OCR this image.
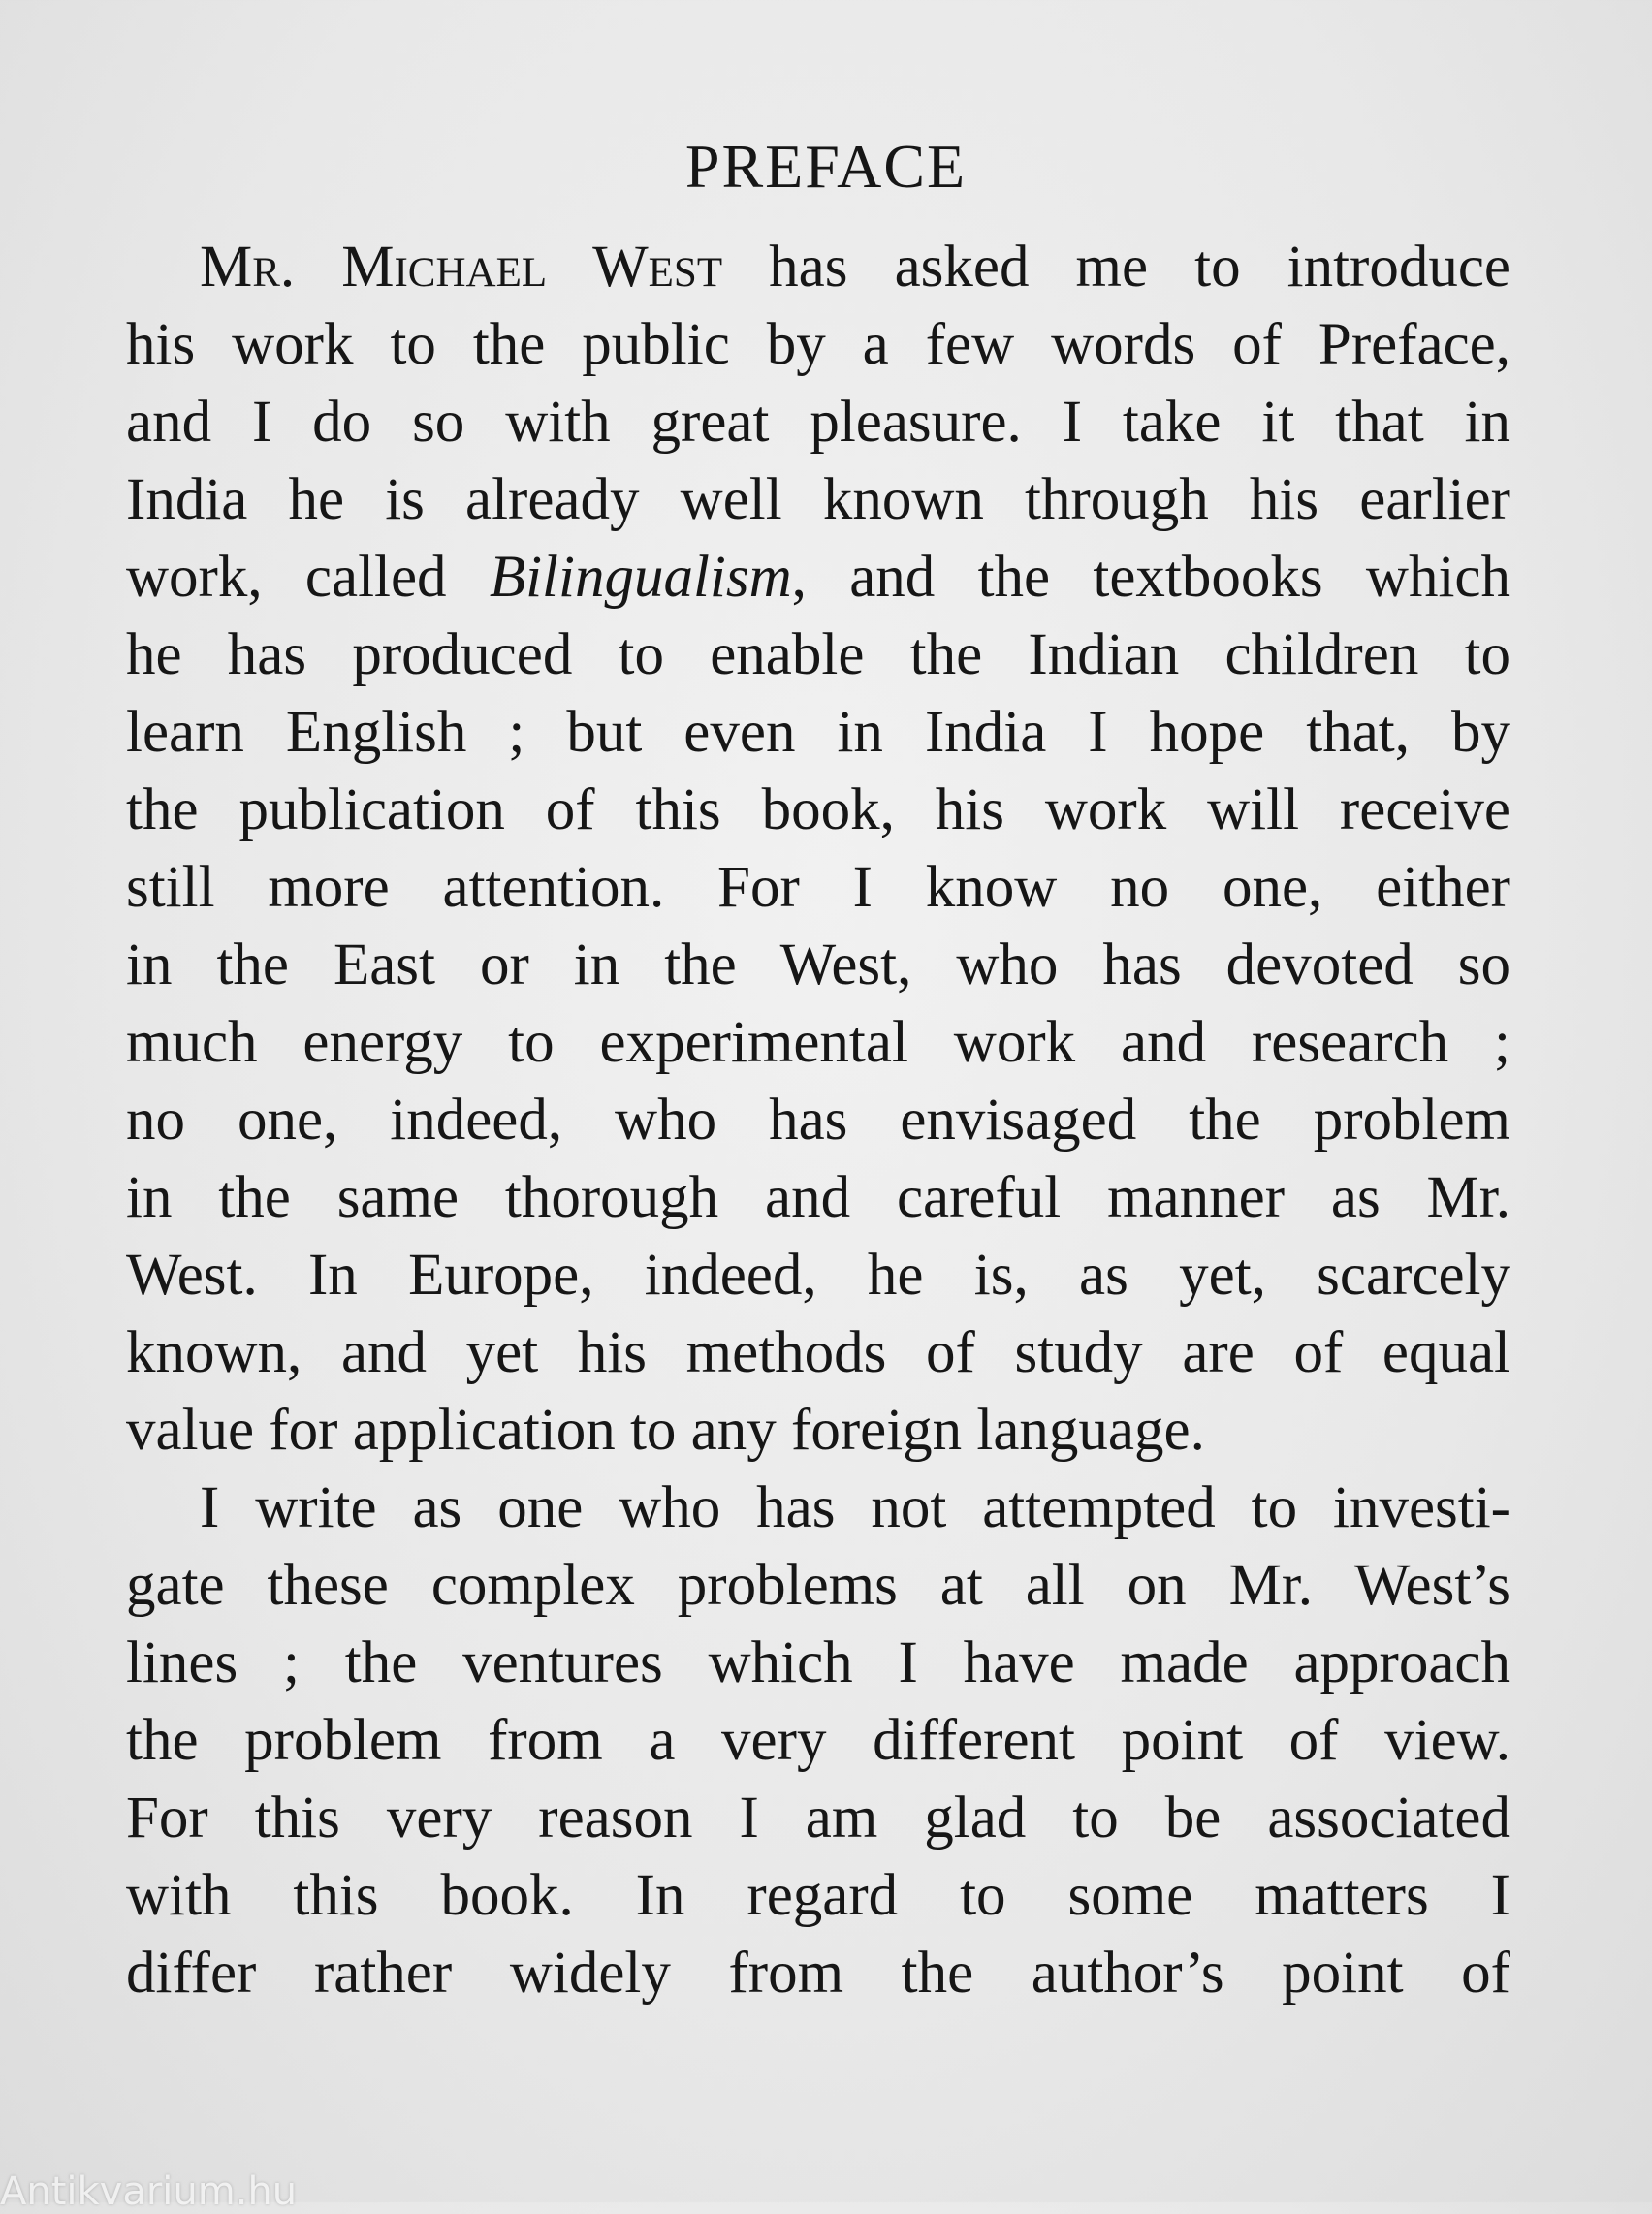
PREFACE
Mr. Michael West has asked me to introduce
his work to the public by a few words of Preface,
and I do so with great pleasure. I take it that in
India he is already well known through his earlier
work, called Bilingualism, and the textbooks which
he has produced to enable the Indian children to
learn English ; but even in India I hope that, by
the publication of this book, his work will receive
still more attention. For I know no one, either
in the East or in the West, who has devoted so
much energy to experimental work and research ;
no one, indeed, who has envisaged the problem
in the same thorough and careful manner as Mr.
West. In Europe, indeed, he is, as yet, scarcely
known, and yet his methods of study are of equal
value for application to any foreign language.
I write as one who has not attempted to investi-
gate these complex problems at all on Mr. West’s
lines ; the ventures which I have made approach
the problem from a very different point of view.
For this very reason I am glad to be associated
with this book. In regard to some matters I
differ rather widely from the author’s point of
Antikvarium.hu
